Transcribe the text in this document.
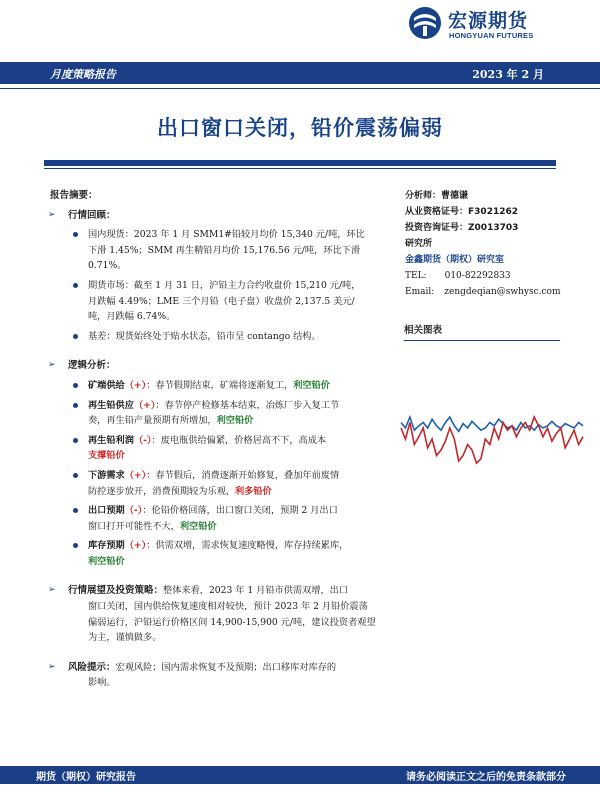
宏源期货
HONGYUAN FUTURES
月度策略报告	2023 年 2 月
出口窗口关闭，铅价震荡偏弱
报告摘要：
➢ 行情回顾：
国内现货：2023 年 1 月 SMM1#铅较月均价 15,340 元/吨，环比
下滑 1.45%；SMM 再生精铅月均价 15,176.56 元/吨，环比下滑
0.71%。
期货市场：截至 1 月 31 日，沪铅主力合约收盘价 15,210 元/吨，
月跌幅 4.49%；LME 三个月铅（电子盘）收盘价 2,137.5 美元/
吨，月跌幅 6.74%。
基差：现货始终处于贴水状态，铅市呈 contango 结构。
➢ 逻辑分析：
矿端供给（+）：春节假期结束，矿端将逐渐复工，利空铅价
再生铅供应（+）：春节停产检修基本结束，冶炼厂步入复工节
奏，再生铅产量预期有所增加，利空铅价
再生铅利润（-）：废电瓶供给偏紧，价格居高不下，高成本
支撑铅价
下游需求（+）：春节假后，消费逐渐开始修复，叠加年前废情
防控逐步放开，消费预期较为乐观，利多铅价
出口预期（-）：伦铅价格回落，出口窗口关闭，预期 2 月出口
窗口打开可能性不大，利空铅价
库存预期（+）：供需双增，需求恢复速度略慢，库存持续累库，
利空铅价
➢ 行情展望及投资策略：整体来看，2023 年 1 月铅市供需双增，出口
窗口关闭，国内供给恢复速度相对较快，预计 2023 年 2 月铅价震荡
偏弱运行，沪铅运行价格区间 14,900-15,900 元/吨，建议投资者观望
为主，谨慎做多。
➢ 风险提示：宏观风险；国内需求恢复不及预期；出口移库对库存的
影响。
分析师：曹德谦
从业资格证号：F3021262
投资咨询证号：Z0013703
研究所
金鑫期货（期权）研究室
TEL: 010-82292833
Email: zengdeqian@swhysc.com
相关图表
期货（期权）研究报告	请务必阅读正文之后的免责条款部分
